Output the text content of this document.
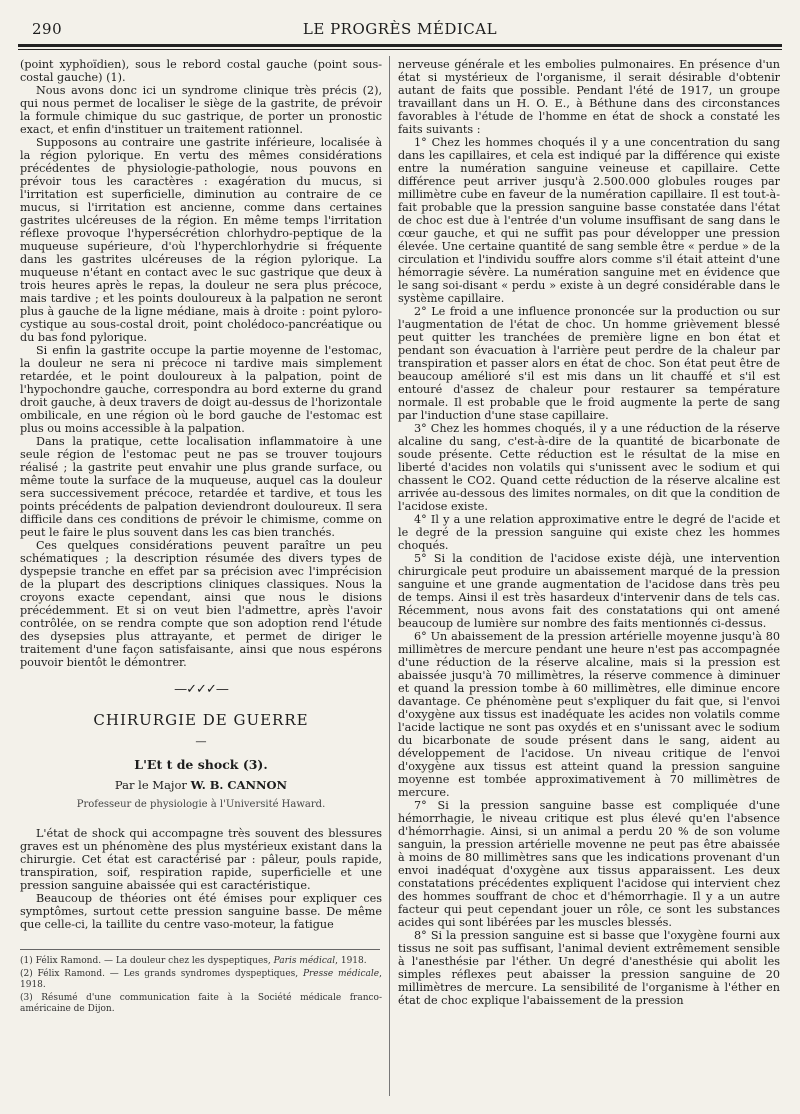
290	LE PROGRÈS MÉDICAL

(point xyphoïdien), sous le rebord costal gauche (point sous-costal gauche) (1).

Nous avons donc ici un syndrome clinique très précis (2), qui nous permet de localiser le siège de la gastrite, de prévoir la formule chimique du suc gastrique, de porter un pronostic exact, et enfin d'instituer un traitement rationnel.

Supposons au contraire une gastrite inférieure, localisée à la région pylorique. En vertu des mêmes considérations précédentes de physiologie-pathologie, nous pouvons en prévoir tous les caractères : exagération du mucus, si l'irritation est superficielle, diminution au contraire de ce mucus, si l'irritation est ancienne, comme dans certaines gastrites ulcéreuses de la région. En même temps l'irritation réflexe provoque l'hypersécrétion chlorhydro-peptique de la muqueuse supérieure, d'où l'hyperchlorhydrie si fréquente dans les gastrites ulcéreuses de la région pylorique. La muqueuse n'étant en contact avec le suc gastrique que deux à trois heures après le repas, la douleur ne sera plus précoce, mais tardive ; et les points douloureux à la palpation ne seront plus à gauche de la ligne médiane, mais à droite : point pyloro-cystique au sous-costal droit, point cholédoco-pancréatique ou du bas fond pylorique.

Si enfin la gastrite occupe la partie moyenne de l'estomac, la douleur ne sera ni précoce ni tardive mais simplement retardée, et le point douloureux à la palpation, point de l'hypochondre gauche, correspondra au bord externe du grand droit gauche, à deux travers de doigt au-dessus de l'horizontale ombilicale, en une région où le bord gauche de l'estomac est plus ou moins accessible à la palpation.

Dans la pratique, cette localisation inflammatoire à une seule région de l'estomac peut ne pas se trouver toujours réalisé ; la gastrite peut envahir une plus grande surface, ou même toute la surface de la muqueuse, auquel cas la douleur sera successivement précoce, retardée et tardive, et tous les points précédents de palpation deviendront douloureux. Il sera difficile dans ces conditions de prévoir le chimisme, comme on peut le faire le plus souvent dans les cas bien tranchés.

Ces quelques considérations peuvent paraître un peu schématiques ; la description résumée des divers types de dyspepsie tranche en effet par sa précision avec l'imprécision de la plupart des descriptions cliniques classiques. Nous la croyons exacte cependant, ainsi que nous le disions précédemment. Et si on veut bien l'admettre, après l'avoir contrôlée, on se rendra compte que son adoption rend l'étude des dysepsies plus attrayante, et permet de diriger le traitement d'une façon satisfaisante, ainsi que nous espérons pouvoir bientôt le démontrer.

—✓✓✓—
CHIRURGIE DE GUERRE
—
L'Et t de shock (3).
Par le Major W. B. CANNON
Professeur de physiologie à l'Université Haward.

L'état de shock qui accompagne très souvent des blessures graves est un phénomène des plus mystérieux existant dans la chirurgie. Cet état est caractérisé par : pâleur, pouls rapide, transpiration, soif, respiration rapide, superficielle et une pression sanguine abaissée qui est caractéristique.

Beaucoup de théories ont été émises pour expliquer ces symptômes, surtout cette pression sanguine basse. De même que celle-ci, la taillite du centre vaso-moteur, la fatigue

(1) Félix Ramond. — La douleur chez les dyspeptiques, Paris médical, 1918.

(2) Félix Ramond. — Les grands syndromes dyspeptiques, Presse médicale, 1918.

(3) Résumé d'une communication faite à la Société médicale franco-américaine de Dijon.

nerveuse générale et les embolies pulmonaires. En présence d'un état si mystérieux de l'organisme, il serait désirable d'obtenir autant de faits que possible. Pendant l'été de 1917, un groupe travaillant dans un H. O. E., à Béthune dans des circonstances favorables à l'étude de l'homme en état de shock a constaté les faits suivants :

1° Chez les hommes choqués il y a une concentration du sang dans les capillaires, et cela est indiqué par la différence qui existe entre la numération sanguine veineuse et capillaire. Cette différence peut arriver jusqu'à 2.500.000 globules rouges par millimètre cube en faveur de la numération capillaire. Il est tout-à-fait probable que la pression sanguine basse constatée dans l'état de choc est due à l'entrée d'un volume insuffisant de sang dans le cœur gauche, et qui ne suffit pas pour développer une pression élevée. Une certaine quantité de sang semble être « perdue » de la circulation et l'individu souffre alors comme s'il était atteint d'une hémorragie sévère. La numération sanguine met en évidence que le sang soi-disant « perdu » existe à un degré considérable dans le système capillaire.

2° Le froid a une influence prononcée sur la production ou sur l'augmentation de l'état de choc. Un homme grièvement blessé peut quitter les tranchées de première ligne en bon état et pendant son évacuation à l'arrière peut perdre de la chaleur par transpiration et passer alors en état de choc. Son état peut être de beaucoup amélioré s'il est mis dans un lit chauffé et s'il est entouré d'assez de chaleur pour restaurer sa température normale. Il est probable que le froid augmente la perte de sang par l'induction d'une stase capillaire.

3° Chez les hommes choqués, il y a une réduction de la réserve alcaline du sang, c'est-à-dire de la quantité de bicarbonate de soude présente. Cette réduction est le résultat de la mise en liberté d'acides non volatils qui s'unissent avec le sodium et qui chassent le CO2. Quand cette réduction de la réserve alcaline est arrivée au-dessous des limites normales, on dit que la condition de l'acidose existe.

4° Il y a une relation approximative entre le degré de l'acide et le degré de la pression sanguine qui existe chez les hommes choqués.

5° Si la condition de l'acidose existe déjà, une intervention chirurgicale peut produire un abaissement marqué de la pression sanguine et une grande augmentation de l'acidose dans très peu de temps. Ainsi il est très hasardeux d'intervenir dans de tels cas. Récemment, nous avons fait des constatations qui ont amené beaucoup de lumière sur nombre des faits mentionnés ci-dessus.

6° Un abaissement de la pression artérielle moyenne jusqu'à 80 millimètres de mercure pendant une heure n'est pas accompagnée d'une réduction de la réserve alcaline, mais si la pression est abaissée jusqu'à 70 millimètres, la réserve commence à diminuer et quand la pression tombe à 60 millimètres, elle diminue encore davantage. Ce phénomène peut s'expliquer du fait que, si l'envoi d'oxygène aux tissus est inadéquate les acides non volatils comme l'acide lactique ne sont pas oxydés et en s'unissant avec le sodium du bicarbonate de soude présent dans le sang, aident au développement de l'acidose. Un niveau critique de l'envoi d'oxygène aux tissus est atteint quand la pression sanguine moyenne est tombée approximativement à 70 millimètres de mercure.

7° Si la pression sanguine basse est compliquée d'une hémorrhagie, le niveau critique est plus élevé qu'en l'absence d'hémorrhagie. Ainsi, si un animal a perdu 20 % de son volume sanguin, la pression artérielle movenne ne peut pas être abaissée à moins de 80 millimètres sans que les indications provenant d'un envoi inadéquat d'oxygène aux tissus apparaissent. Les deux constatations précédentes expliquent l'acidose qui intervient chez des hommes souffrant de choc et d'hémorrhagie. Il y a un autre facteur qui peut cependant jouer un rôle, ce sont les substances acides qui sont libérées par les muscles blessés.

8° Si la pression sanguine est si basse que l'oxygène fourni aux tissus ne soit pas suffisant, l'animal devient extrêmement sensible à l'anesthésie par l'éther. Un degré d'anesthésie qui abolit les simples réflexes peut abaisser la pression sanguine de 20 millimètres de mercure. La sensibilité de l'organisme à l'éther en état de choc explique l'abaissement de la pression
